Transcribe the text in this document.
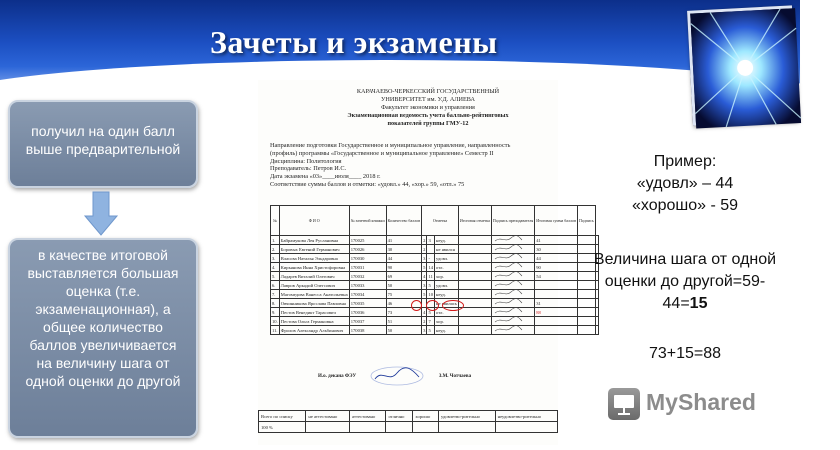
Зачеты и экзамены
получил на один балл выше предварительной
в качестве итоговой выставляется большая оценка (т.е. экзаменационная), а общее количество баллов увеличивается на величину шага от одной оценки до другой
КАРАЧАЕВО-ЧЕРКЕССКИЙ ГОСУДАРСТВЕННЫЙ
УНИВЕРСИТЕТ им. У.Д. АЛИЕВА
Факультет экономики и управления
Экзаменационная ведомость учета балльно-рейтинговых
показателей группы ГМУ-12
Направление подготовки Государственное и муниципальное управление, направленность
(профиль) программы «Государственное и муниципальное управление» Семестр II
Дисциплина: Политология
Преподаватель: Петров И.С.
Дата экзамена «03»____июля____ 2018 г.
Соответствие суммы баллов и отметки: «удовл.» 44, «хор.» 59, «отл.» 75
№	Ф И О	№ зачетной книжки	Количество баллов	Отметка			Итоговая отметка	Подпись преподавателя	Итоговая сумма баллов	Подпись	
1.	Байрамукова Лея Руслановна	170025	41	2	3	неуд.			41		
2.	Боровых Евгений Германович	170026	30	2		не явился			30		
3.	Власова Наталья Эльдаровна	170030	44	3	-	удовл.			44		
4.	Кирьянова Инна Христофоровна	170031	90	5	14	отл.			90		
5.	Ладарев Виталий Олегович	170032	69	4	11	хор.			54		
6.	Лавров Аркадий Олегсович	170033	50	3	5	удовл.					
7.	Магомедова Ванесса Анатольевна	170034	75	5	10	неуд.					
8.	Овчинникова Ярослава Павловна	170035	46			не явилась			31		
9.	Пестов Венедикт Тарасович	170036	73	4	5	отл.			88		
10.	Пестова Ольга Германовна	170037	51	2	7	хор.					
11.	Фролов Александр Альбинович	170038	50	3	5	неуд.					
И.о. декана ФЭУ	З.М. Чотчаева
Всего по списку	не аттестовано	аттестовано	отлично	хорошо	удовлетво-рительно	неудовлетво-рительно
100 %						
Пример:
«удовл» – 44
«хорошо» - 59
Величина шага от одной оценки до другой=59-44=15
73+15=88
MyShared
